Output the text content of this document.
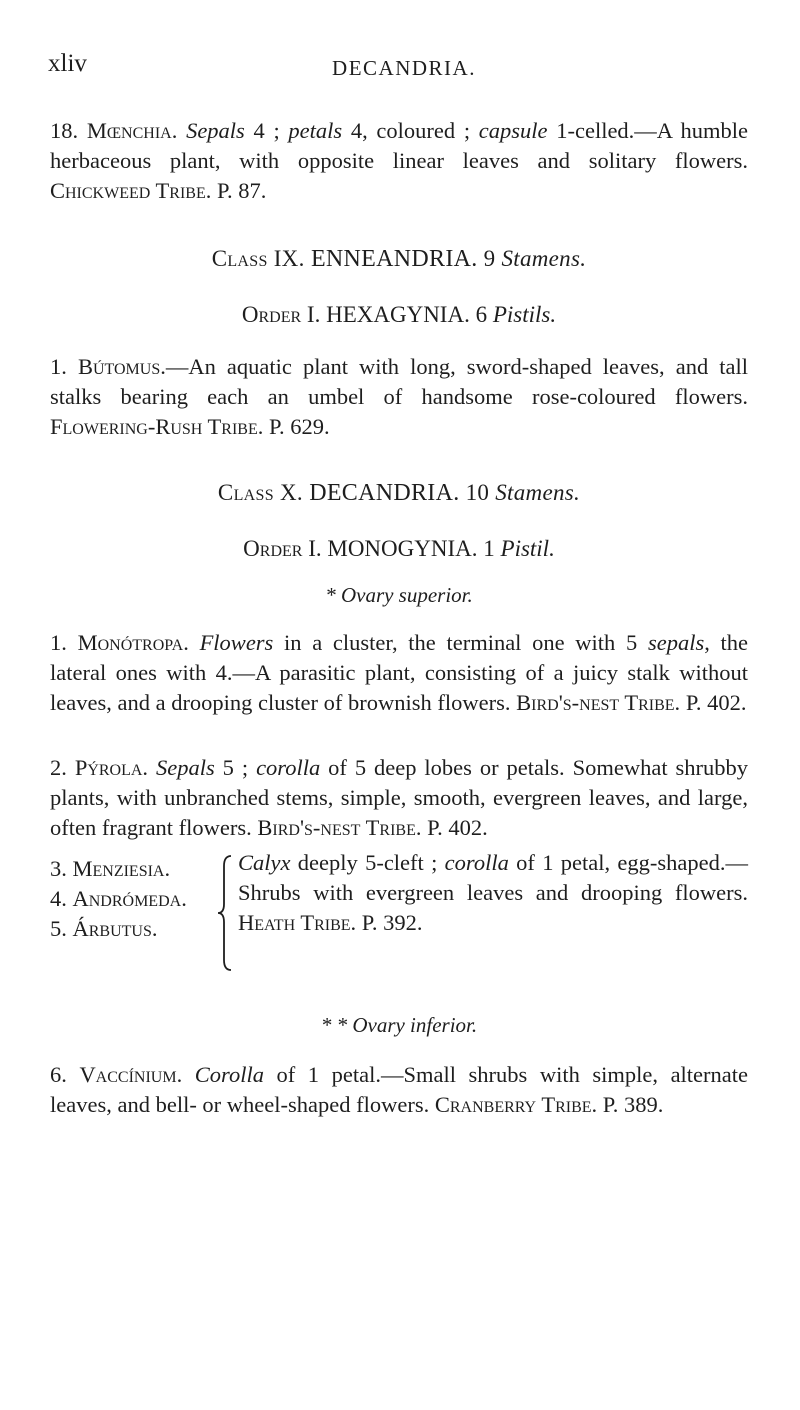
xliv	DECANDRIA.
18. Mœnchia. Sepals 4 ; petals 4, coloured ; capsule 1-celled.—A humble herbaceous plant, with opposite linear leaves and solitary flowers. Chickweed Tribe. P. 87.
Class IX. ENNEANDRIA. 9 Stamens.
Order I. HEXAGYNIA. 6 Pistils.
1. Bútomus.—An aquatic plant with long, sword-shaped leaves, and tall stalks bearing each an umbel of handsome rose-coloured flowers. Flowering-Rush Tribe. P. 629.
Class X. DECANDRIA. 10 Stamens.
Order I. MONOGYNIA. 1 Pistil.
* Ovary superior.
1. Monótropa. Flowers in a cluster, the terminal one with 5 sepals, the lateral ones with 4.—A parasitic plant, consisting of a juicy stalk without leaves, and a drooping cluster of brownish flowers. Bird's-nest Tribe. P. 402.
2. Pýrola. Sepals 5 ; corolla of 5 deep lobes or petals. Somewhat shrubby plants, with unbranched stems, simple, smooth, evergreen leaves, and large, often fragrant flowers. Bird's-nest Tribe. P. 402.
3. Menziesia.
4. Andrómeda.
5. Árbutus.
Calyx deeply 5-cleft ; corolla of 1 petal, egg-shaped.—Shrubs with evergreen leaves and drooping flowers. Heath Tribe. P. 392.
* * Ovary inferior.
6. Vaccínium. Corolla of 1 petal.—Small shrubs with simple, alternate leaves, and bell- or wheel-shaped flowers. Cranberry Tribe. P. 389.
